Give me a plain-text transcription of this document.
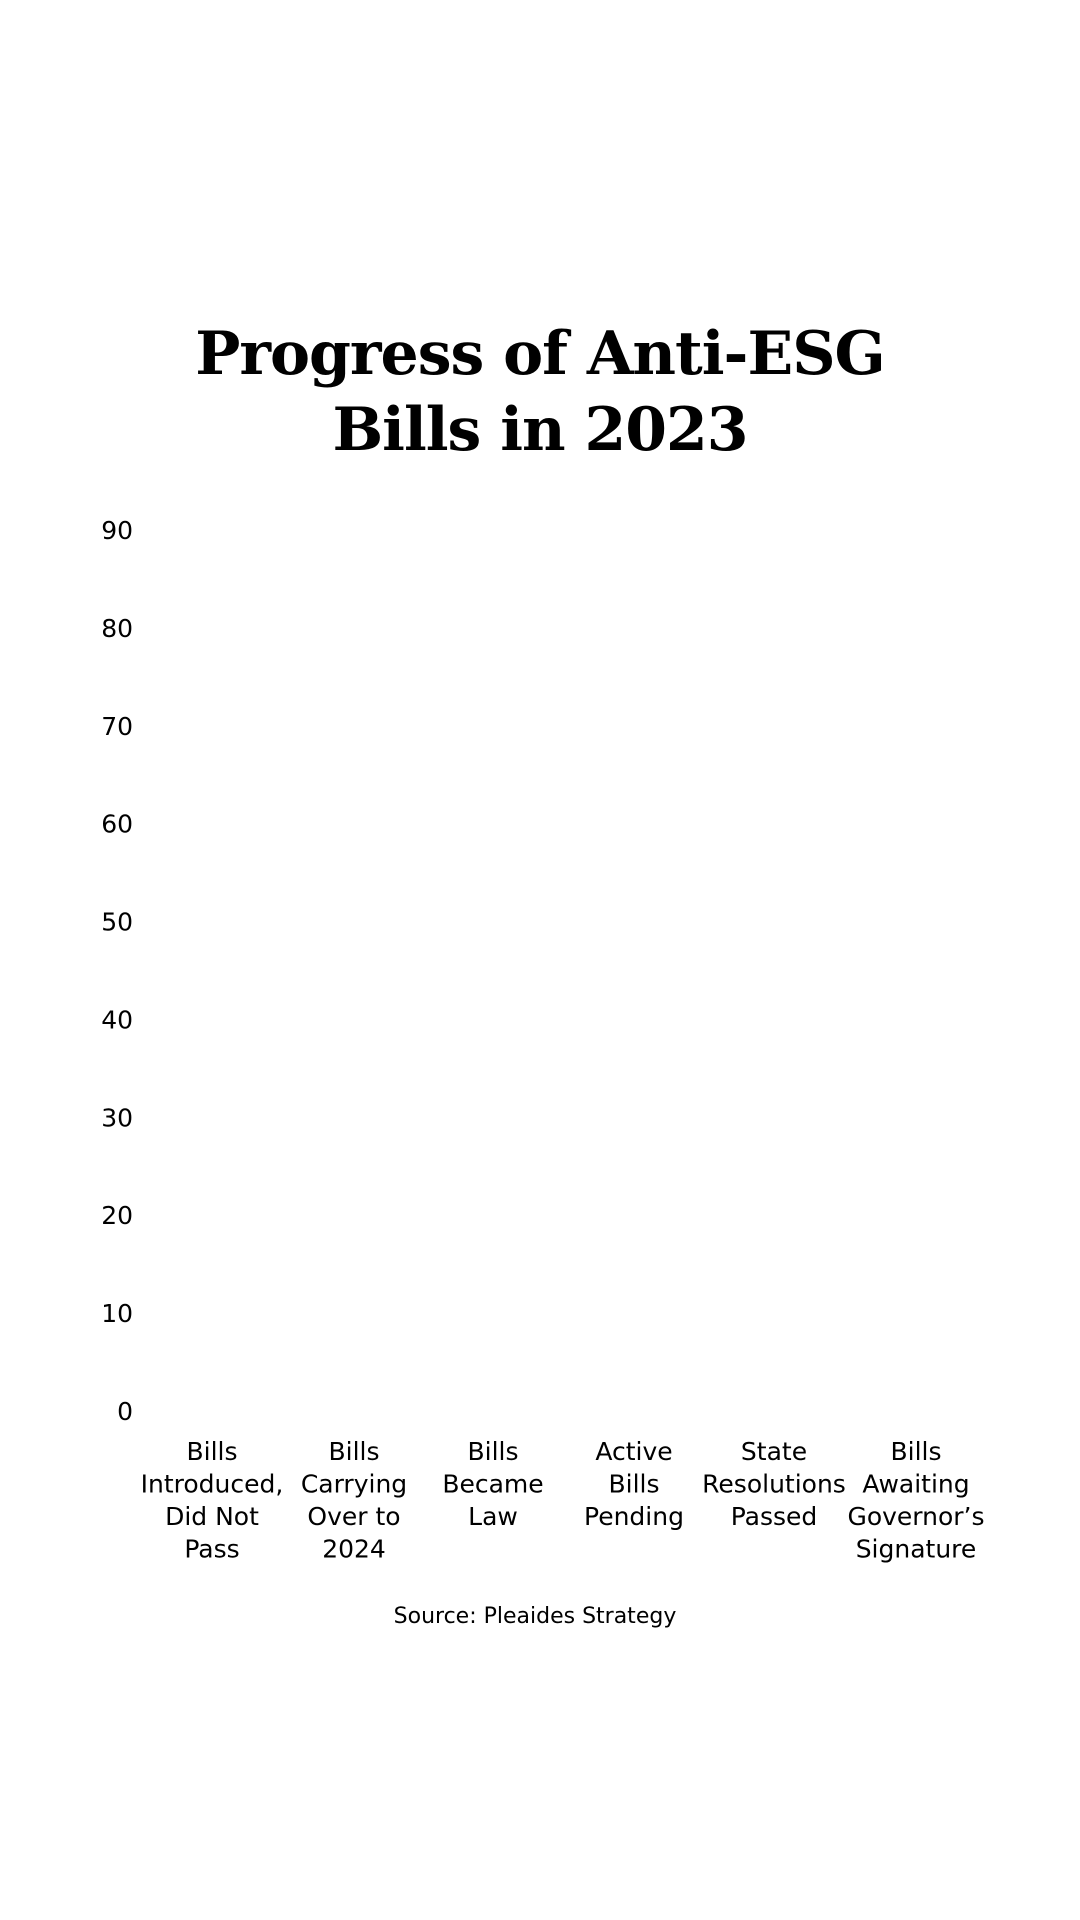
Progress of Anti-ESG
Bills in 2023
0
10
20
30
40
50
60
70
80
90
Bills Introduced, Did Not Pass
Bills Carrying Over to 2024
Bills Became Law
Active Bills Pending
State Resolutions Passed
Bills Awaiting Governor’s Signature
Source: Pleaides Strategy
